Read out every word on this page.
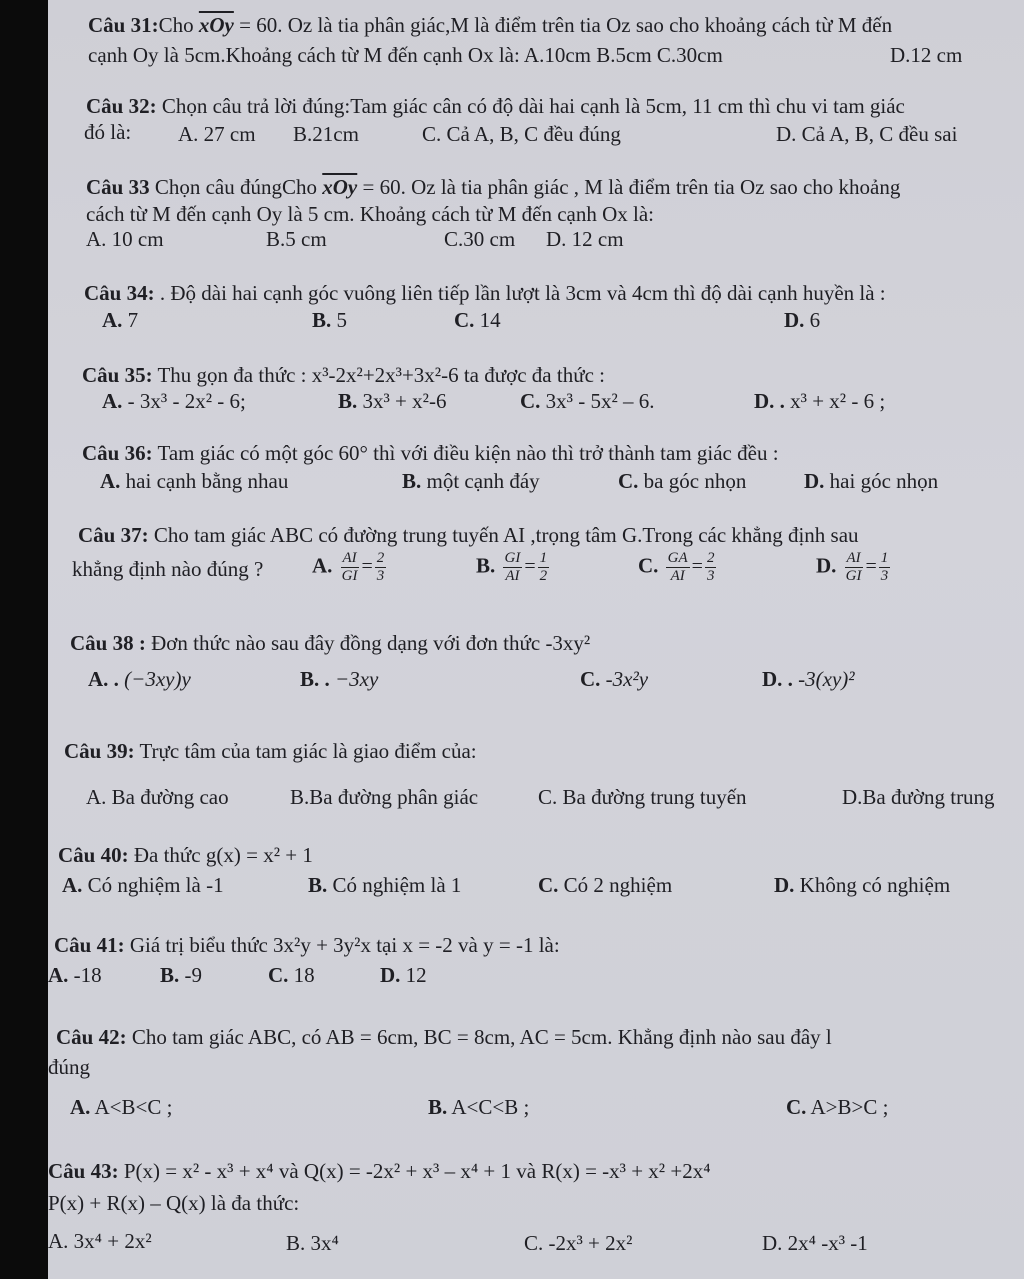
Câu 31:Cho $\overline{xOy} = 60$. Oz là tia phân giác,M là điểm trên tia Oz sao cho khoảng cách từ M đến
cạnh Oy là 5cm.Khoảng cách từ M đến cạnh Ox là: A.10cm B.5cm C.30cm	D.12 cm
Câu 32: Chọn câu trả lời đúng:Tam giác cân có độ dài hai cạnh là 5cm, 11 cm thì chu vi tam giác
đó là: A. 27 cm B.21cm	C. Cả A, B, C đều đúng	D. Cả A, B, C đều sai
Câu 33 Chọn câu đúngCho $\overline{xOy} = 60$. Oz là tia phân giác , M là điểm trên tia Oz sao cho khoảng
cách từ M đến cạnh Oy là 5 cm. Khoảng cách từ M đến cạnh Ox là:
A. 10 cm	B.5 cm	C.30 cm D. 12 cm
Câu 34: . Độ dài hai cạnh góc vuông liên tiếp lần lượt là 3cm và 4cm thì độ dài cạnh huyền là :
A. 7	B. 5	C. 14	D. 6
Câu 35: Thu gọn đa thức : x³-2x²+2x³+3x²-6 ta được đa thức :
A. - 3x³ - 2x² - 6;	B. 3x³ + x²-6	C. 3x³ - 5x² – 6.	D. . x³ + x² - 6 ;
Câu 36: Tam giác có một góc 60° thì với điều kiện nào thì trở thành tam giác đều :
A. hai cạnh bằng nhau	B. một cạnh đáy	C. ba góc nhọn	D. hai góc nhọn
Câu 37: Cho tam giác ABC có đường trung tuyến AI ,trọng tâm G.Trong các khẳng định sau
khẳng định nào đúng ? A. $\frac{AI}{GI} = \frac{2}{3}$	B. $\frac{GI}{AI} = \frac{1}{2}$	C. $\frac{GA}{AI} = \frac{2}{3}$	D. $\frac{AI}{GI} = \frac{1}{3}$
Câu 38 : Đơn thức nào sau đây đồng dạng với đơn thức -3xy²
A. . (−3xy)y	B. . −3xy	C. -3x²y	D. . -3(xy)²
Câu 39: Trực tâm của tam giác là giao điểm của:
A. Ba đường cao	B.Ba đường phân giác	C. Ba đường trung tuyến	D.Ba đường trung
Câu 40: Đa thức g(x) = x² + 1
A. Có nghiệm là -1	B. Có nghiệm là 1	C. Có 2 nghiệm	D. Không có nghiệm
Câu 41: Giá trị biểu thức 3x²y + 3y²x tại x = -2 và y = -1 là:
A. -18	B. -9	C. 18	D. 12
Câu 42: Cho tam giác ABC, có AB = 6cm, BC = 8cm, AC = 5cm. Khẳng định nào sau đây l
đúng
A. A<B<C ;	B. A<C<B ;	C. A>B>C ;
Câu 43: P(x) = x² - x³ + x⁴ và Q(x) = -2x² + x³ – x⁴ + 1 và R(x) = -x³ + x² +2x⁴
P(x) + R(x) – Q(x) là đa thức:
A. 3x⁴ + 2x²	B. 3x⁴	C. -2x³ + 2x²	D. 2x⁴ -x³ -1
